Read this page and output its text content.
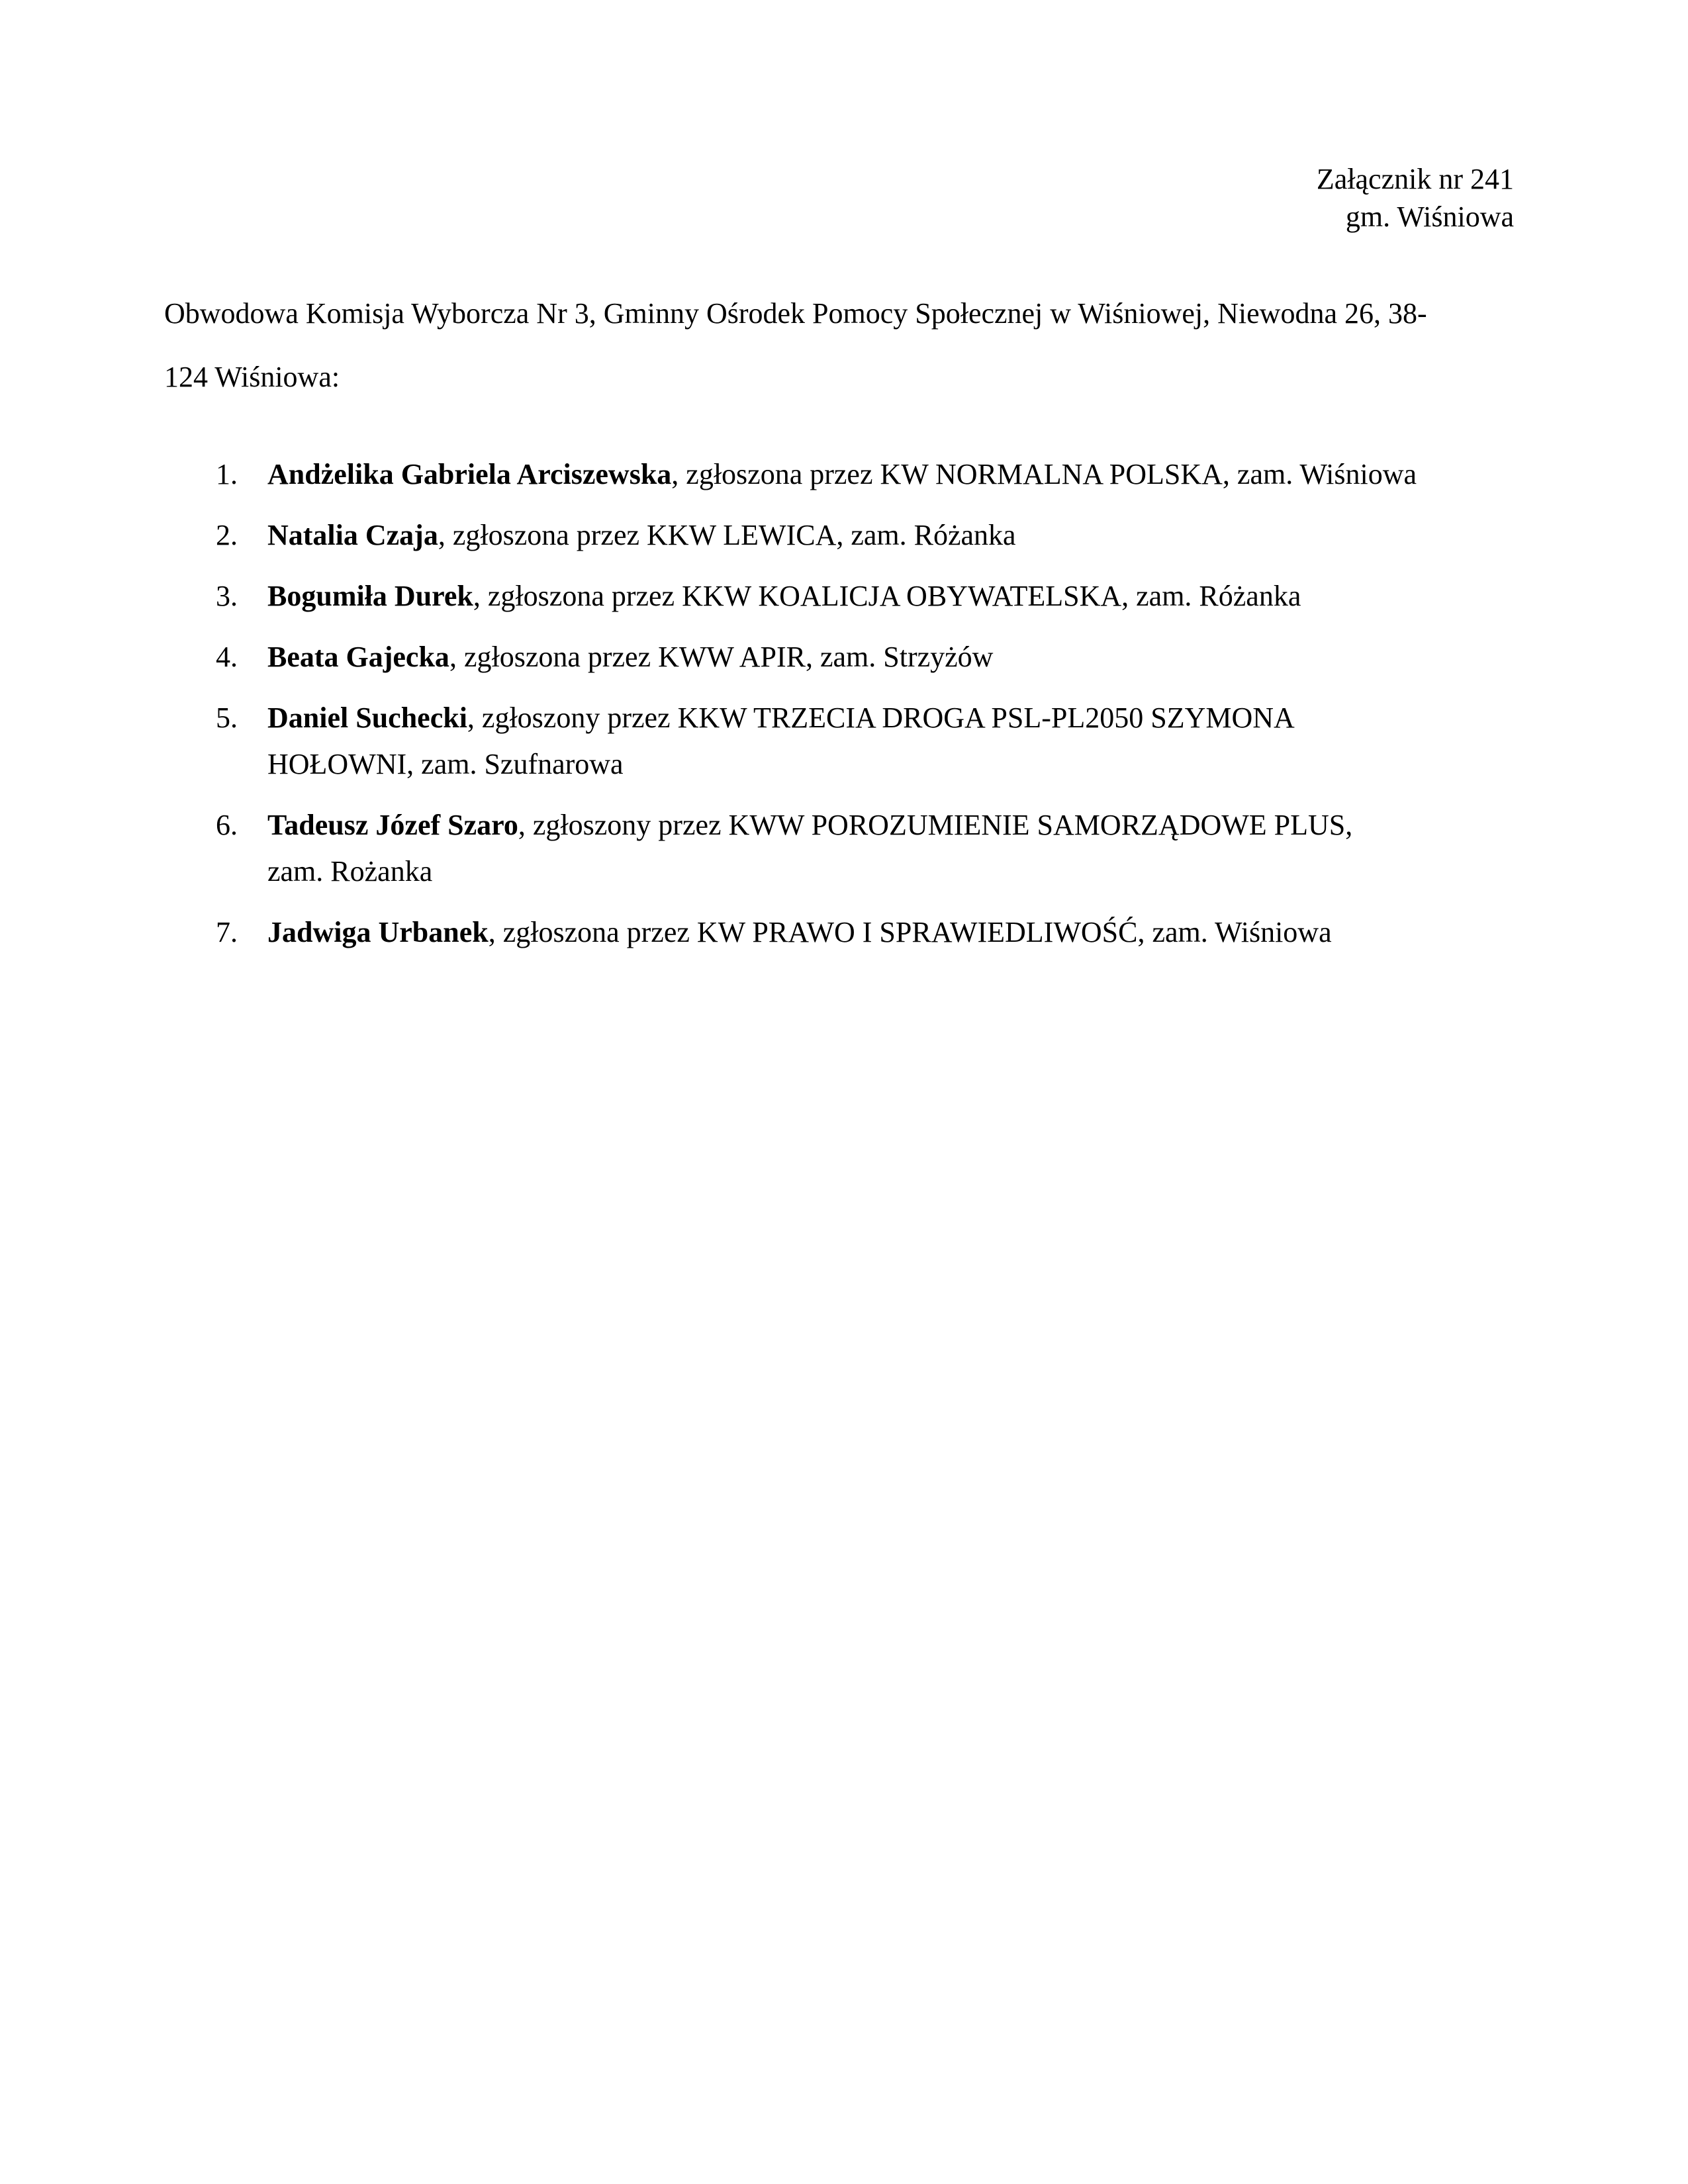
Załącznik nr 241
gm. Wiśniowa
Obwodowa Komisja Wyborcza Nr 3, Gminny Ośrodek Pomocy Społecznej w Wiśniowej, Niewodna 26, 38-
124 Wiśniowa:
1. Andżelika Gabriela Arciszewska, zgłoszona przez KW NORMALNA POLSKA, zam. Wiśniowa
2. Natalia Czaja, zgłoszona przez KKW LEWICA, zam. Różanka
3. Bogumiła Durek, zgłoszona przez KKW KOALICJA OBYWATELSKA, zam. Różanka
4. Beata Gajecka, zgłoszona przez KWW APIR, zam. Strzyżów
5. Daniel Suchecki, zgłoszony przez KKW TRZECIA DROGA PSL-PL2050 SZYMONA
HOŁOWNI, zam. Szufnarowa
6. Tadeusz Józef Szaro, zgłoszony przez KWW POROZUMIENIE SAMORZĄDOWE PLUS,
zam. Rożanka
7. Jadwiga Urbanek, zgłoszona przez KW PRAWO I SPRAWIEDLIWOŚĆ, zam. Wiśniowa
